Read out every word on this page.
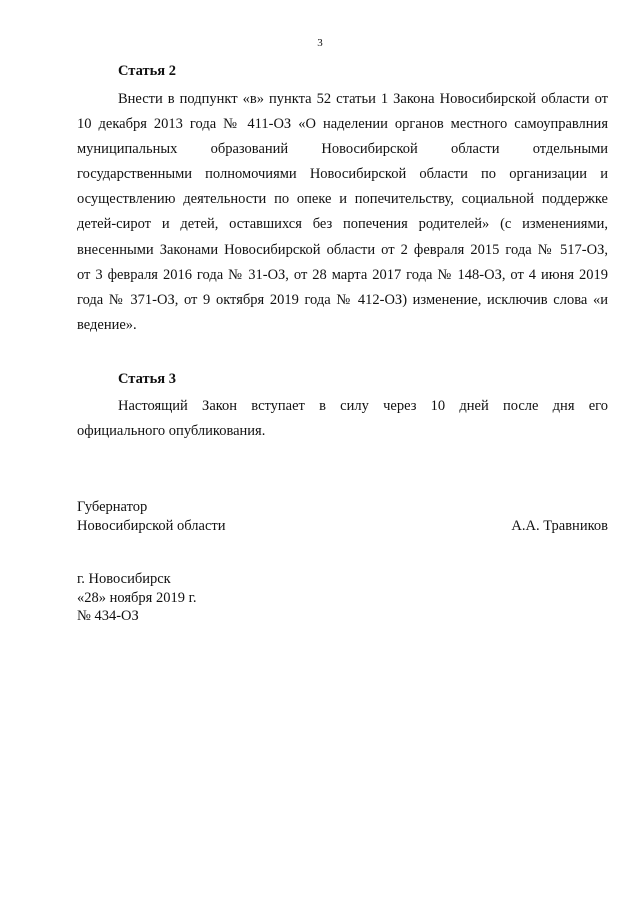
3
Статья 2
Внести в подпункт «в» пункта 52 статьи 1 Закона Новосибирской области от
10 декабря 2013 года № 411-ОЗ «О наделении органов местного самоуправлния
муниципальных образований Новосибирской области отдельными
государственными полномочиями Новосибирской области по организации и
осуществлению деятельности по опеке и попечительству, социальной поддержке
детей-сирот и детей, оставшихся без попечения родителей» (с изменениями,
внесенными Законами Новосибирской области от 2 февраля 2015 года № 517-ОЗ,
от 3 февраля 2016 года № 31-ОЗ, от 28 марта 2017 года № 148-ОЗ, от 4 июня 2019
года № 371-ОЗ, от 9 октября 2019 года № 412-ОЗ) изменение, исключив слова «и
ведение».
Статья 3
Настоящий Закон вступает в силу через 10 дней после дня его
официального опубликования.
Губернатор
Новосибирской области	А.А. Травников
г. Новосибирск
«28» ноября 2019 г.
№ 434-ОЗ
